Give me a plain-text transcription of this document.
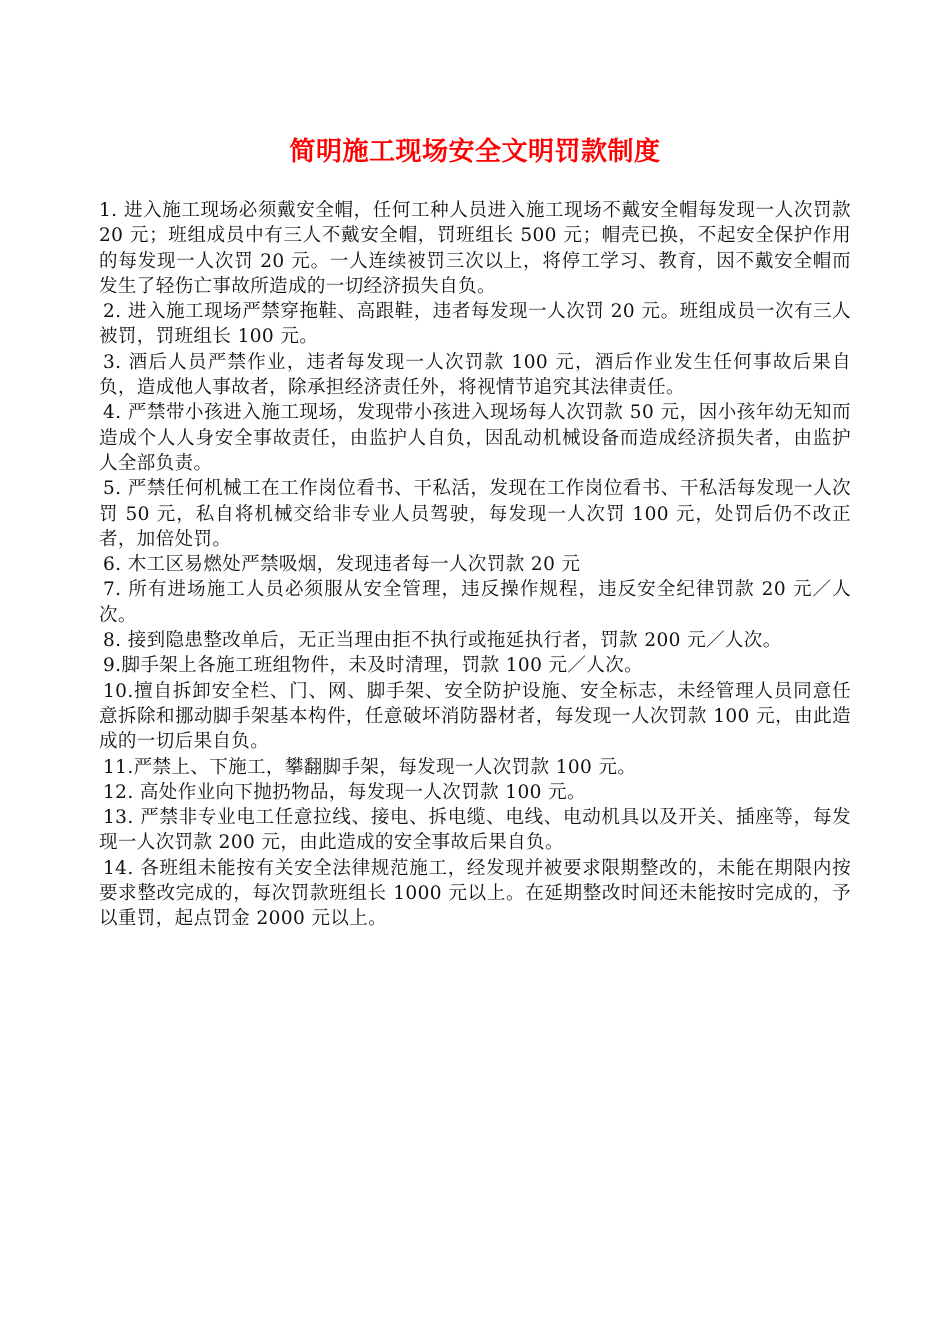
简明施工现场安全文明罚款制度

1. 进入施工现场必须戴安全帽，任何工种人员进入施工现场不戴安全帽每发现一人次罚款 20 元；班组成员中有三人不戴安全帽，罚班组长 500 元；帽壳已换，不起安全保护作用的每发现一人次罚 20 元。一人连续被罚三次以上，将停工学习、教育，因不戴安全帽而发生了轻伤亡事故所造成的一切经济损失自负。

2. 进入施工现场严禁穿拖鞋、高跟鞋，违者每发现一人次罚 20 元。班组成员一次有三人被罚，罚班组长 100 元。

3. 酒后人员严禁作业，违者每发现一人次罚款 100 元，酒后作业发生任何事故后果自负，造成他人事故者，除承担经济责任外，将视情节追究其法律责任。

4. 严禁带小孩进入施工现场，发现带小孩进入现场每人次罚款 50 元，因小孩年幼无知而造成个人人身安全事故责任，由监护人自负，因乱动机械设备而造成经济损失者，由监护人全部负责。

5. 严禁任何机械工在工作岗位看书、干私活，发现在工作岗位看书、干私活每发现一人次罚 50 元，私自将机械交给非专业人员驾驶，每发现一人次罚 100 元，处罚后仍不改正者，加倍处罚。

6. 木工区易燃处严禁吸烟，发现违者每一人次罚款 20 元

7. 所有进场施工人员必须服从安全管理，违反操作规程，违反安全纪律罚款 20 元／人次。

8. 接到隐患整改单后，无正当理由拒不执行或拖延执行者，罚款 200 元／人次。

9.脚手架上各施工班组物件，未及时清理，罚款 100 元／人次。

10.擅自拆卸安全栏、门、网、脚手架、安全防护设施、安全标志，未经管理人员同意任意拆除和挪动脚手架基本构件，任意破坏消防器材者，每发现一人次罚款 100 元，由此造成的一切后果自负。

11.严禁上、下施工，攀翻脚手架，每发现一人次罚款 100 元。

12. 高处作业向下抛扔物品，每发现一人次罚款 100 元。

13. 严禁非专业电工任意拉线、接电、拆电缆、电线、电动机具以及开关、插座等，每发现一人次罚款 200 元，由此造成的安全事故后果自负。

14. 各班组未能按有关安全法律规范施工，经发现并被要求限期整改的，未能在期限内按要求整改完成的，每次罚款班组长 1000 元以上。在延期整改时间还未能按时完成的，予以重罚，起点罚金 2000 元以上。
